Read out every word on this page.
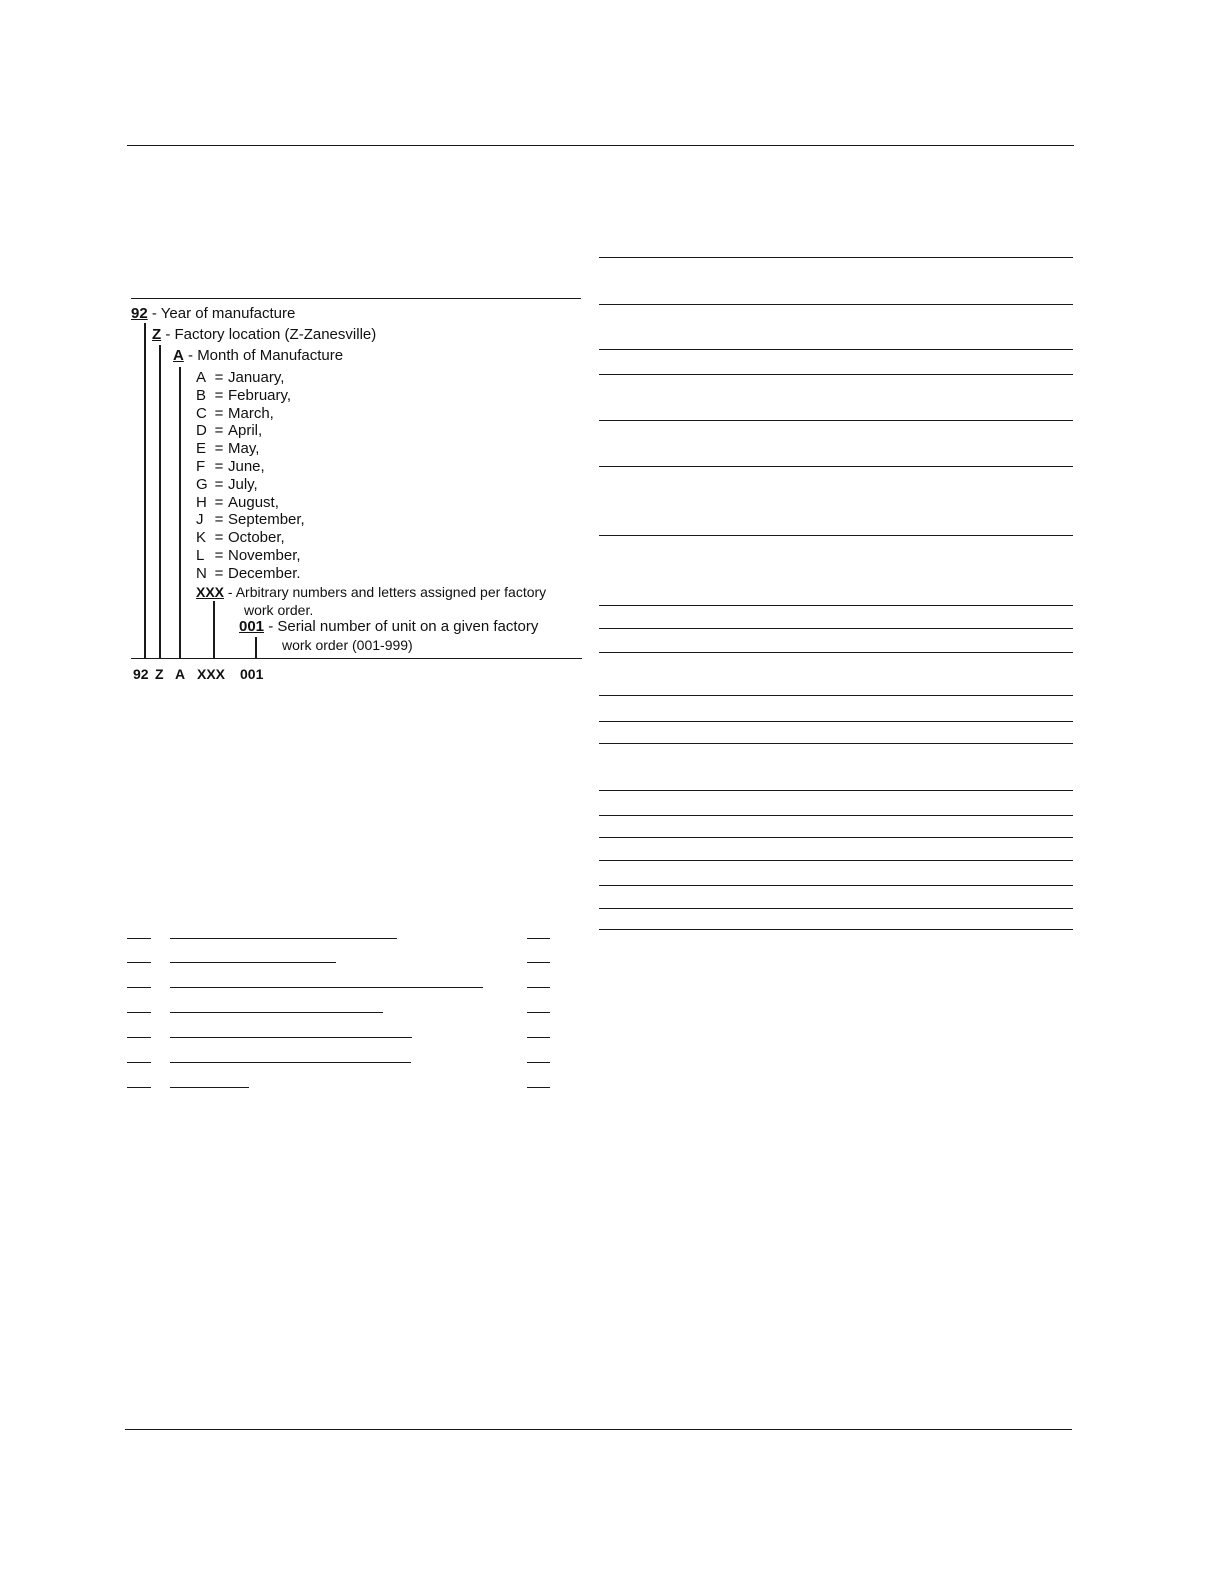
92 - Year of manufacture
Z - Factory location (Z-Zanesville)
A - Month of Manufacture
A = January,
B = February,
C = March,
D = April,
E = May,
F = June,
G = July,
H = August,
J = September,
K = October,
L = November,
N = December.
XXX - Arbitrary numbers and letters assigned per factory
work order.
001 - Serial number of unit on a given factory
work order (001-999)
92 Z A XXX 001
